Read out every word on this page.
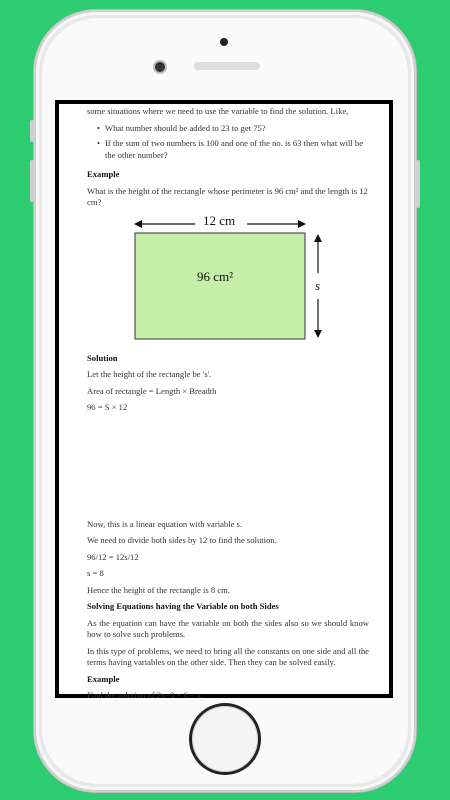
some situations where we need to use the variable to find the solution. Like,

• What number should be added to 23 to get 75?
• If the sum of two numbers is 100 and one of the no. is 63 then what will be the other number?
Example

What is the height of the rectangle whose perimeter is 96 cm² and the length is 12 cm?

12 cm
96 cm²
s
Solution

Let the height of the rectangle be 's'.

Area of rectangle = Length × Breadth

96 = S × 12

Now, this is a linear equation with variable s.

We need to divide both sides by 12 to find the solution.

96/12 = 12s/12

s = 8

Hence the height of the rectangle is 8 cm.

Solving Equations having the Variable on both Sides

As the equation can have the variable on both the sides also so we should know how to solve such problems.

In this type of problems, we need to bring all the constants on one side and all the terms having variables on the other side. Then they can be solved easily.

Example

Find the solution of 2x−3 = 6 − x.
